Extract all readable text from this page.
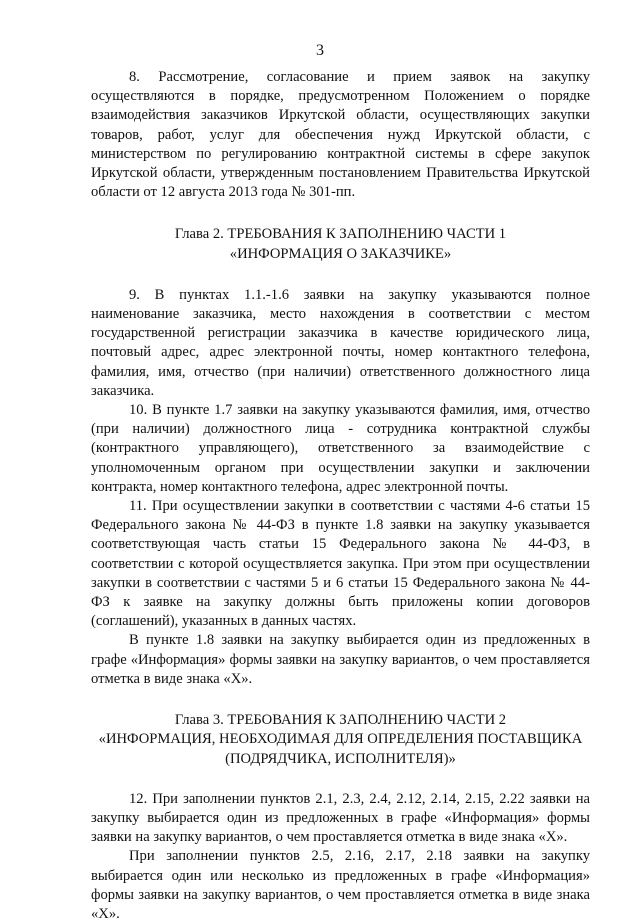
3

8. Рассмотрение, согласование и прием заявок на закупку осуществляются в порядке, предусмотренном Положением о порядке взаимодействия заказчиков Иркутской области, осуществляющих закупки товаров, работ, услуг для обеспечения нужд Иркутской области, с министерством по регулированию контрактной системы в сфере закупок Иркутской области, утвержденным постановлением Правительства Иркутской области от 12 августа 2013 года № 301-пп.

Глава 2. ТРЕБОВАНИЯ К ЗАПОЛНЕНИЮ ЧАСТИ 1
«ИНФОРМАЦИЯ О ЗАКАЗЧИКЕ»

9. В пунктах 1.1.-1.6 заявки на закупку указываются полное наименование заказчика, место нахождения в соответствии с местом государственной регистрации заказчика в качестве юридического лица, почтовый адрес, адрес электронной почты, номер контактного телефона, фамилия, имя, отчество (при наличии) ответственного должностного лица заказчика.

10. В пункте 1.7 заявки на закупку указываются фамилия, имя, отчество (при наличии) должностного лица - сотрудника контрактной службы (контрактного управляющего), ответственного за взаимодействие с уполномоченным органом при осуществлении закупки и заключении контракта, номер контактного телефона, адрес электронной почты.

11. При осуществлении закупки в соответствии с частями 4-6 статьи 15 Федерального закона № 44-ФЗ в пункте 1.8 заявки на закупку указывается соответствующая часть статьи 15 Федерального закона № 44-ФЗ, в соответствии с которой осуществляется закупка. При этом при осуществлении закупки в соответствии с частями 5 и 6 статьи 15 Федерального закона № 44-ФЗ к заявке на закупку должны быть приложены копии договоров (соглашений), указанных в данных частях.

В пункте 1.8 заявки на закупку выбирается один из предложенных в графе «Информация» формы заявки на закупку вариантов, о чем проставляется отметка в виде знака «Х».

Глава 3. ТРЕБОВАНИЯ К ЗАПОЛНЕНИЮ ЧАСТИ 2
«ИНФОРМАЦИЯ, НЕОБХОДИМАЯ ДЛЯ ОПРЕДЕЛЕНИЯ ПОСТАВЩИКА
(ПОДРЯДЧИКА, ИСПОЛНИТЕЛЯ)»

12. При заполнении пунктов 2.1, 2.3, 2.4, 2.12, 2.14, 2.15, 2.22 заявки на закупку выбирается один из предложенных в графе «Информация» формы заявки на закупку вариантов, о чем проставляется отметка в виде знака «Х».

При заполнении пунктов 2.5, 2.16, 2.17, 2.18 заявки на закупку выбирается один или несколько из предложенных в графе «Информация» формы заявки на закупку вариантов, о чем проставляется отметка в виде знака «Х».
